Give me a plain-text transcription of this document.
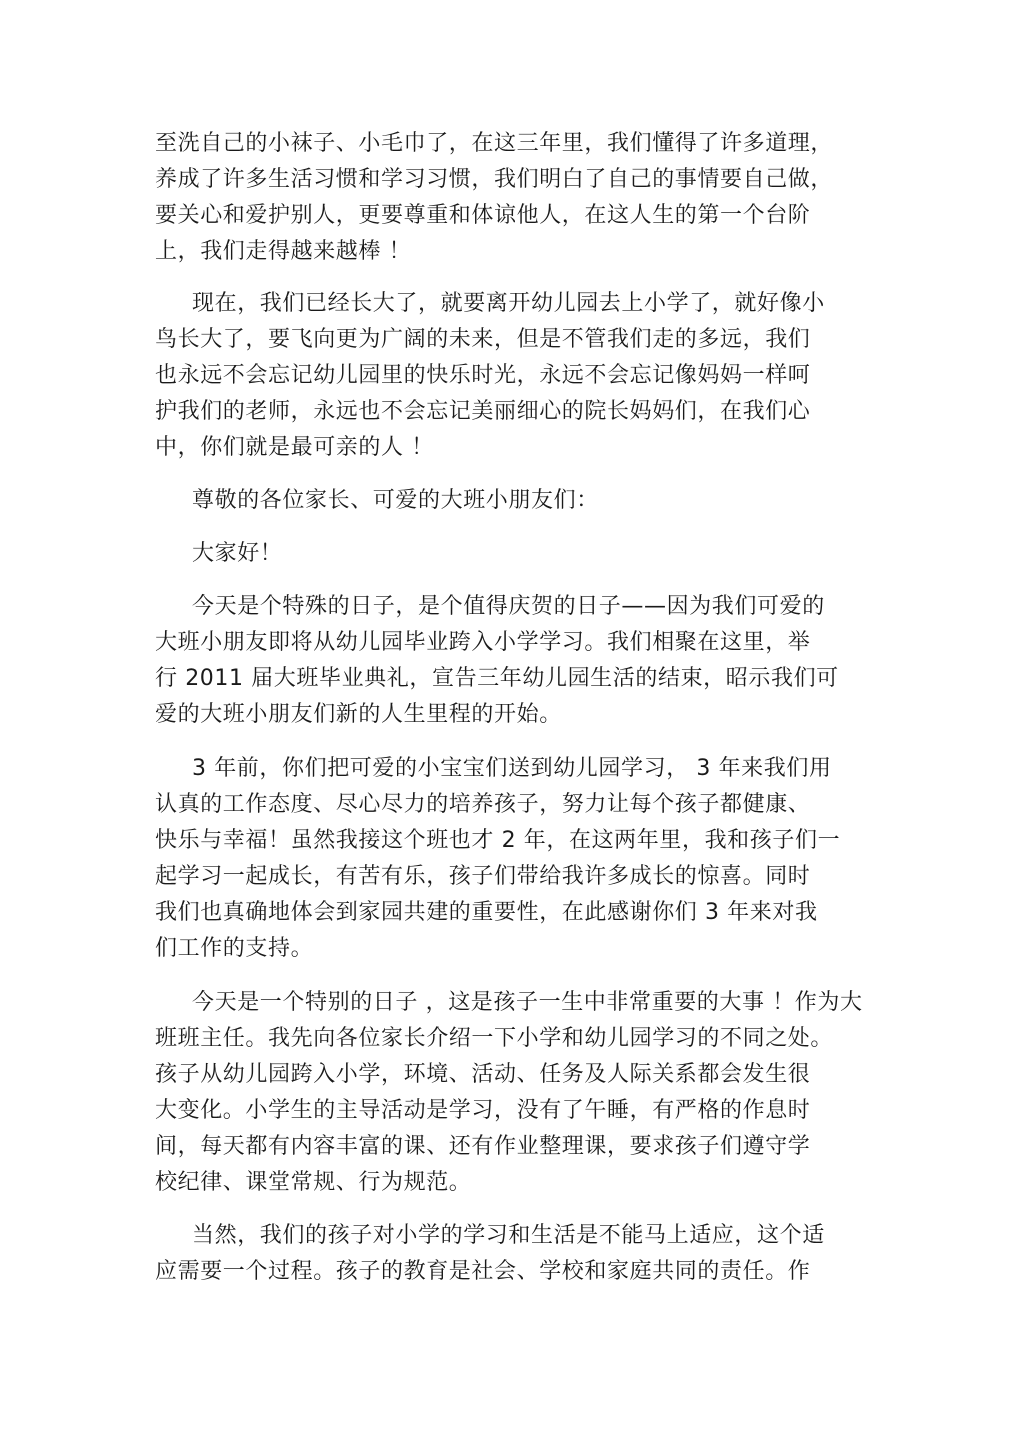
至洗自己的小袜子、小毛巾了，在这三年里，我们懂得了许多道理，
养成了许多生活习惯和学习习惯，我们明白了自己的事情要自己做，
要关心和爱护别人，更要尊重和体谅他人，在这人生的第一个台阶
上，我们走得越来越棒 ！
现在，我们已经长大了，就要离开幼儿园去上小学了，就好像小
鸟长大了，要飞向更为广阔的未来，但是不管我们走的多远，我们
也永远不会忘记幼儿园里的快乐时光，永远不会忘记像妈妈一样呵
护我们的老师，永远也不会忘记美丽细心的院长妈妈们，在我们心
中，你们就是最可亲的人 ！
尊敬的各位家长、可爱的大班小朋友们：
大家好！
今天是个特殊的日子，是个值得庆贺的日子——因为我们可爱的
大班小朋友即将从幼儿园毕业跨入小学学习。我们相聚在这里，举
行 2011 届大班毕业典礼，宣告三年幼儿园生活的结束，昭示我们可
爱的大班小朋友们新的人生里程的开始。
3 年前，你们把可爱的小宝宝们送到幼儿园学习， 3 年来我们用
认真的工作态度、尽心尽力的培养孩子，努力让每个孩子都健康、
快乐与幸福！虽然我接这个班也才 2 年，在这两年里，我和孩子们一
起学习一起成长，有苦有乐，孩子们带给我许多成长的惊喜。同时
我们也真确地体会到家园共建的重要性，在此感谢你们 3 年来对我
们工作的支持。
今天是一个特别的日子 ，这是孩子一生中非常重要的大事 ！作为大
班班主任。我先向各位家长介绍一下小学和幼儿园学习的不同之处。
孩子从幼儿园跨入小学，环境、活动、任务及人际关系都会发生很
大变化。小学生的主导活动是学习，没有了午睡，有严格的作息时
间，每天都有内容丰富的课、还有作业整理课，要求孩子们遵守学
校纪律、课堂常规、行为规范。
当然，我们的孩子对小学的学习和生活是不能马上适应，这个适
应需要一个过程。孩子的教育是社会、学校和家庭共同的责任。作
